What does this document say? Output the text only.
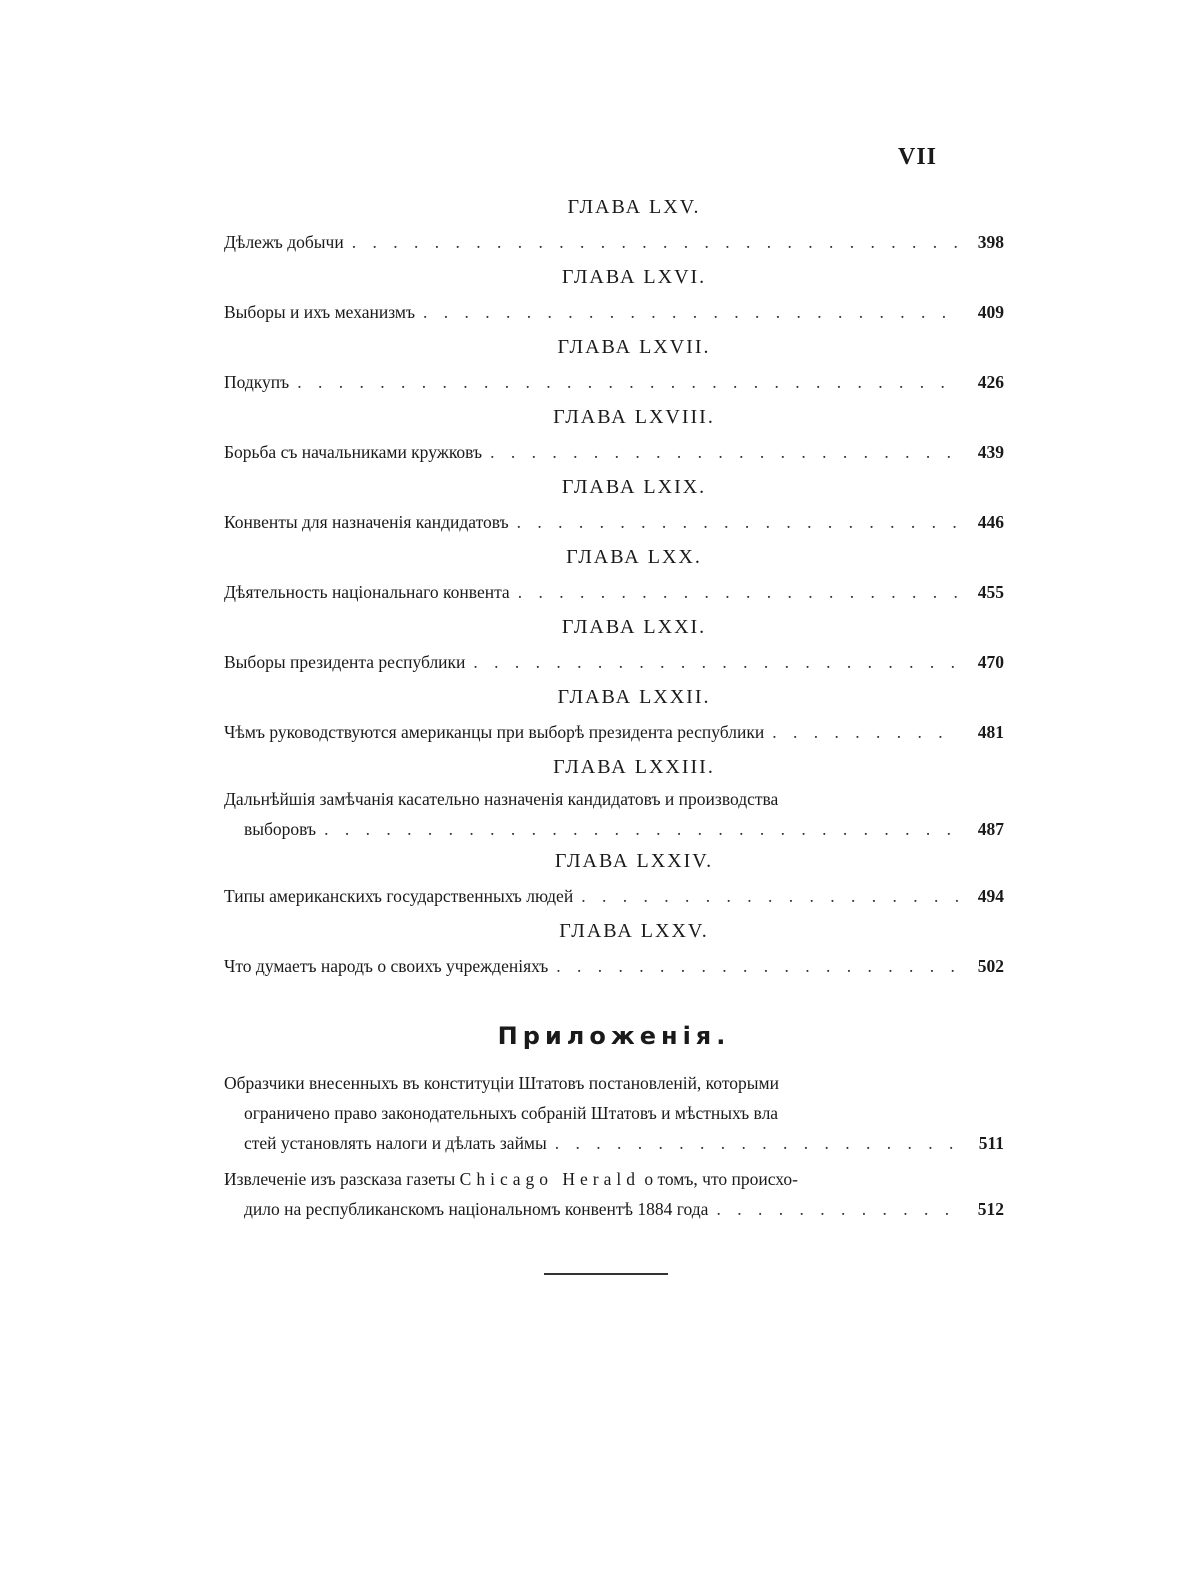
VII
ГЛАВА LXV.
Дѣлежъ добычи . . .	398
ГЛАВА LXVI.
Выборы и ихъ механизмъ . . .	409
ГЛАВА LXVII.
Подкупъ . . .	426
ГЛАВА LXVIII.
Борьба съ начальниками кружковъ . . .	439
ГЛАВА LXIX.
Конвенты для назначенія кандидатовъ . . .	446
ГЛАВА LXX.
Дѣятельность національнаго конвента . . .	455
ГЛАВА LXXI.
Выборы президента республики . . .	470
ГЛАВА LXXII.
Чѣмъ руководствуются американцы при выборѣ президента республики . . .	481
ГЛАВА LXXIII.
Дальнѣйшія замѣчанія касательно назначенія кандидатовъ и производства
выборовъ . . .	487
ГЛАВА LXXIV.
Типы американскихъ государственныхъ людей . . .	494
ГЛАВА LXXV.
Что думаетъ народъ о своихъ учрежденіяхъ . . .	502
Приложенія.
Образчики внесенныхъ въ конституціи Штатовъ постановленій, которыми
ограничено право законодательныхъ собраній Штатовъ и мѣстныхъ вла
стей установлять налоги и дѣлать займы . . .	511
Извлеченіе изъ разсказа газеты Chicago Herald о томъ, что происхо-
дило на республиканскомъ національномъ конвентѣ 1884 года . . .	512
